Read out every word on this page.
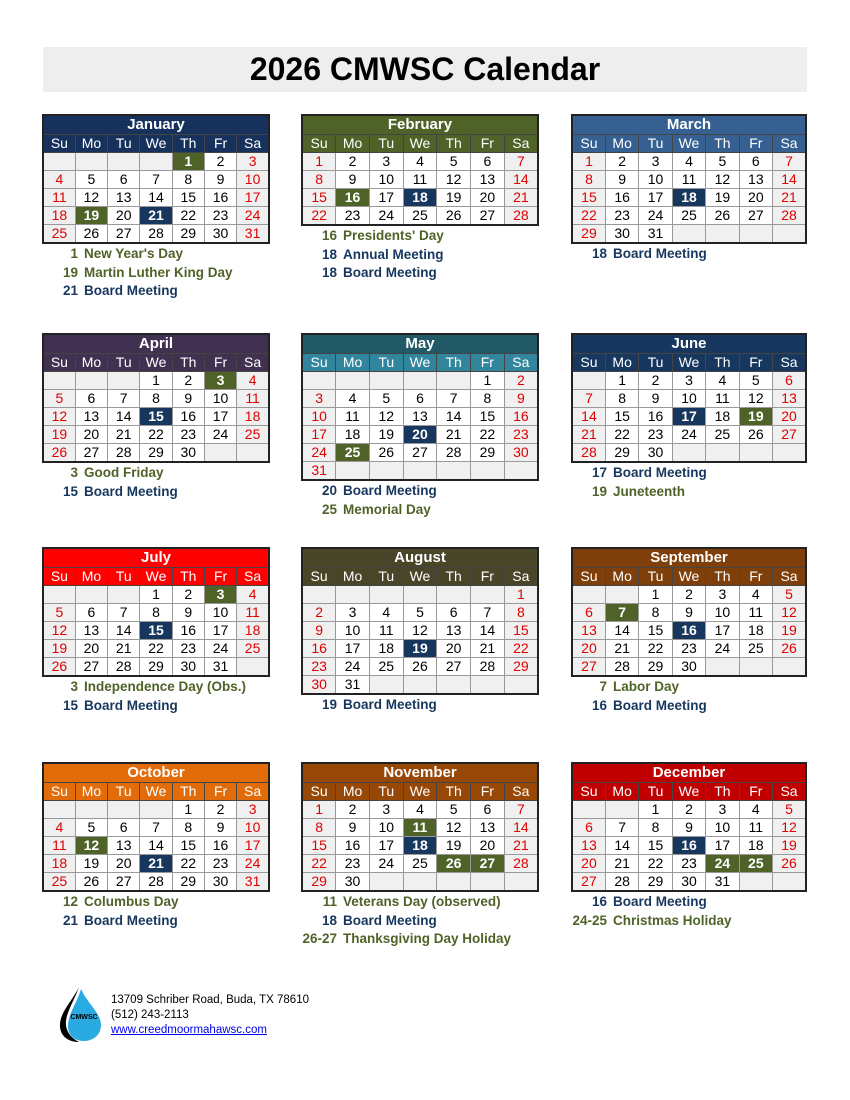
2026 CMWSC Calendar
January						
Su	Mo	Tu	We	Th	Fr	Sa
				1	2	3
4	5	6	7	8	9	10
11	12	13	14	15	16	17
18	19	20	21	22	23	24
25	26	27	28	29	30	31
1 New Year's Day
19 Martin Luther King Day
21 Board Meeting
February						
Su	Mo	Tu	We	Th	Fr	Sa
1	2	3	4	5	6	7
8	9	10	11	12	13	14
15	16	17	18	19	20	21
22	23	24	25	26	27	28
16 Presidents' Day
18 Annual Meeting
18 Board Meeting
March						
Su	Mo	Tu	We	Th	Fr	Sa
1	2	3	4	5	6	7
8	9	10	11	12	13	14
15	16	17	18	19	20	21
22	23	24	25	26	27	28
29	30	31				
18 Board Meeting
April						
Su	Mo	Tu	We	Th	Fr	Sa
			1	2	3	4
5	6	7	8	9	10	11
12	13	14	15	16	17	18
19	20	21	22	23	24	25
26	27	28	29	30		
3 Good Friday
15 Board Meeting
May						
Su	Mo	Tu	We	Th	Fr	Sa
					1	2
3	4	5	6	7	8	9
10	11	12	13	14	15	16
17	18	19	20	21	22	23
24	25	26	27	28	29	30
31						
20 Board Meeting
25 Memorial Day
June						
Su	Mo	Tu	We	Th	Fr	Sa
	1	2	3	4	5	6
7	8	9	10	11	12	13
14	15	16	17	18	19	20
21	22	23	24	25	26	27
28	29	30				
17 Board Meeting
19 Juneteenth
July						
Su	Mo	Tu	We	Th	Fr	Sa
			1	2	3	4
5	6	7	8	9	10	11
12	13	14	15	16	17	18
19	20	21	22	23	24	25
26	27	28	29	30	31	
3 Independence Day (Obs.)
15 Board Meeting
August						
Su	Mo	Tu	We	Th	Fr	Sa
						1
2	3	4	5	6	7	8
9	10	11	12	13	14	15
16	17	18	19	20	21	22
23	24	25	26	27	28	29
30	31					
19 Board Meeting
September						
Su	Mo	Tu	We	Th	Fr	Sa
		1	2	3	4	5
6	7	8	9	10	11	12
13	14	15	16	17	18	19
20	21	22	23	24	25	26
27	28	29	30			
7 Labor Day
16 Board Meeting
October						
Su	Mo	Tu	We	Th	Fr	Sa
				1	2	3
4	5	6	7	8	9	10
11	12	13	14	15	16	17
18	19	20	21	22	23	24
25	26	27	28	29	30	31
12 Columbus Day
21 Board Meeting
November						
Su	Mo	Tu	We	Th	Fr	Sa
1	2	3	4	5	6	7
8	9	10	11	12	13	14
15	16	17	18	19	20	21
22	23	24	25	26	27	28
29	30					
11 Veterans Day (observed)
18 Board Meeting
26-27 Thanksgiving Day Holiday
December						
Su	Mo	Tu	We	Th	Fr	Sa
		1	2	3	4	5
6	7	8	9	10	11	12
13	14	15	16	17	18	19
20	21	22	23	24	25	26
27	28	29	30	31		
16 Board Meeting
24-25 Christmas Holiday
CMWSC
13709 Schriber Road, Buda, TX 78610
(512) 243-2113
www.creedmoormahawsc.com
